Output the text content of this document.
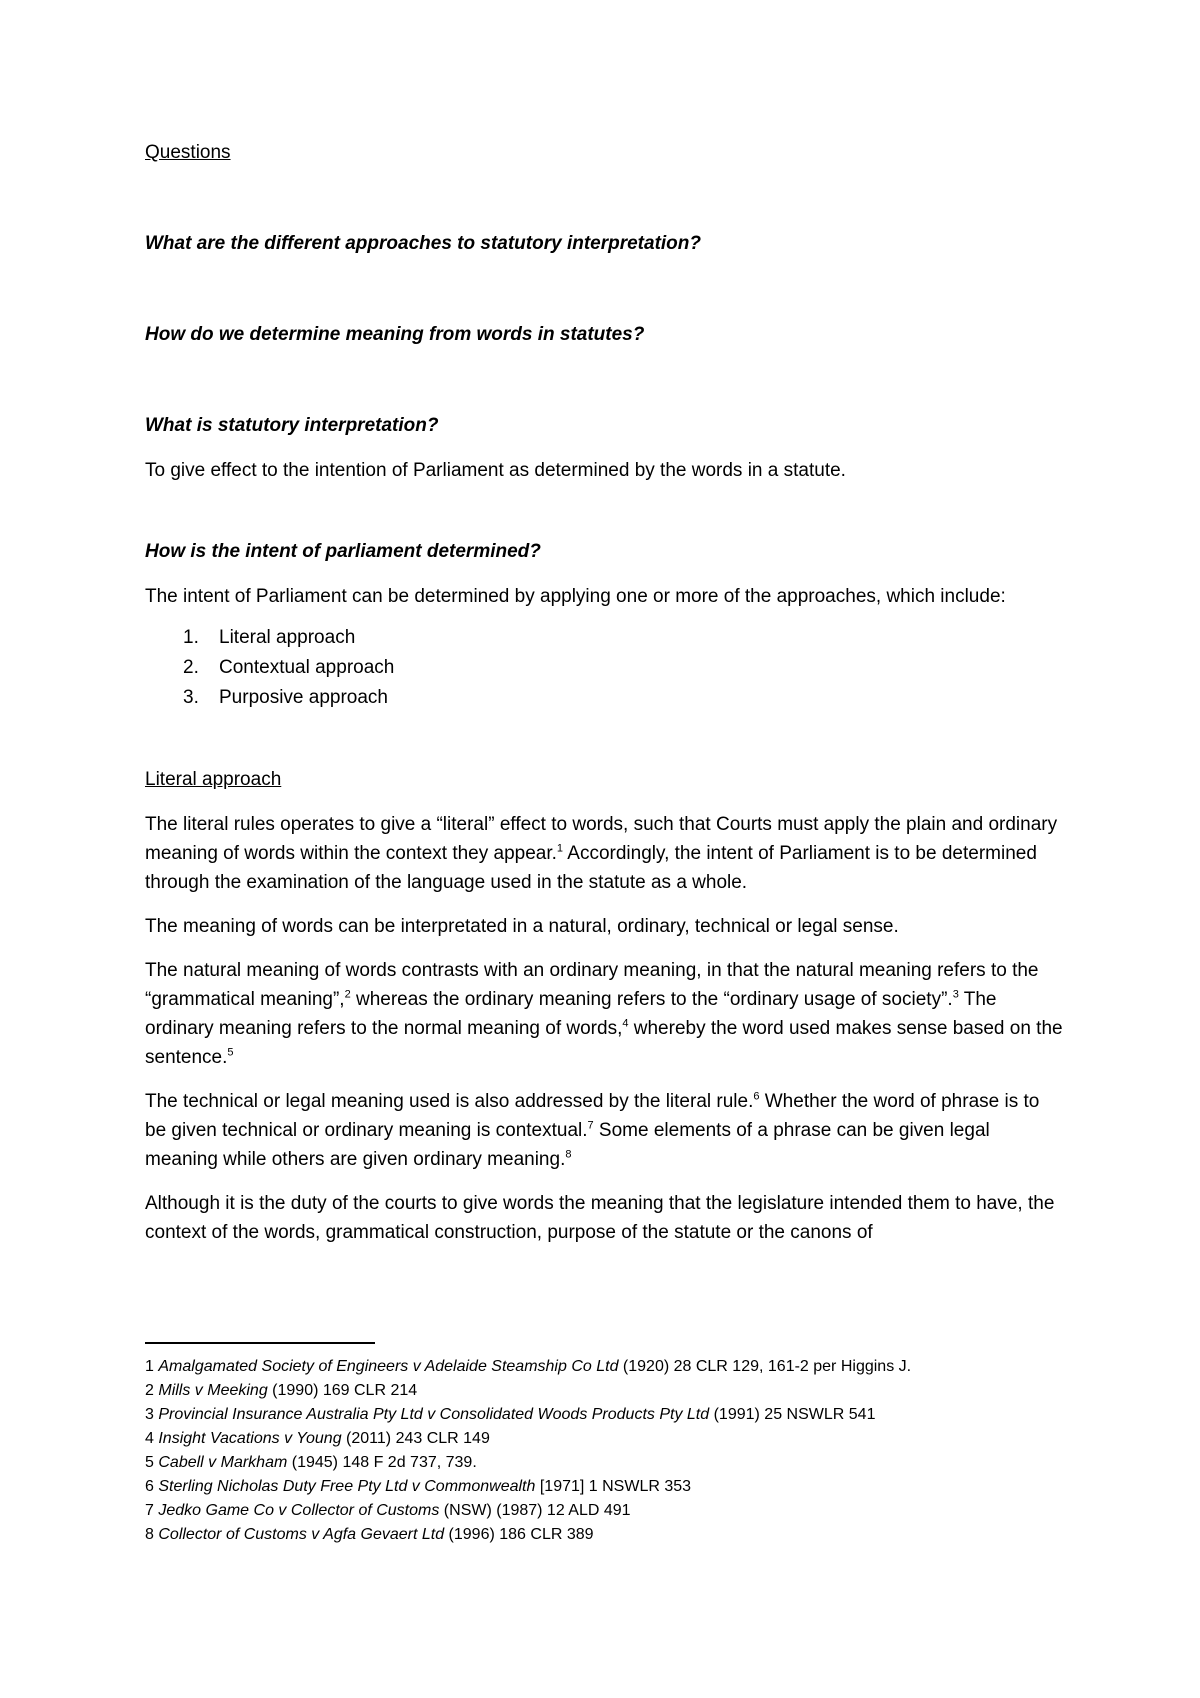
Questions

What are the different approaches to statutory interpretation?

How do we determine meaning from words in statutes?

What is statutory interpretation?

To give effect to the intention of Parliament as determined by the words in a statute.

How is the intent of parliament determined?

The intent of Parliament can be determined by applying one or more of the approaches, which include:

1.	Literal approach
2.	Contextual approach
3.	Purposive approach

Literal approach

The literal rules operates to give a “literal” effect to words, such that Courts must apply the plain and ordinary meaning of words within the context they appear.$^1$ Accordingly, the intent of Parliament is to be determined through the examination of the language used in the statute as a whole.

The meaning of words can be interpretated in a natural, ordinary, technical or legal sense.

The natural meaning of words contrasts with an ordinary meaning, in that the natural meaning refers to the “grammatical meaning”,$^2$ whereas the ordinary meaning refers to the “ordinary usage of society”.$^3$ The ordinary meaning refers to the normal meaning of words,$^4$ whereby the word used makes sense based on the sentence.$^5$

The technical or legal meaning used is also addressed by the literal rule.$^6$ Whether the word of phrase is to be given technical or ordinary meaning is contextual.$^7$ Some elements of a phrase can be given legal meaning while others are given ordinary meaning.$^8$

Although it is the duty of the courts to give words the meaning that the legislature intended them to have, the context of the words, grammatical construction, purpose of the statute or the canons of

1 Amalgamated Society of Engineers v Adelaide Steamship Co Ltd (1920) 28 CLR 129, 161-2 per Higgins J.

2 Mills v Meeking (1990) 169 CLR 214

3 Provincial Insurance Australia Pty Ltd v Consolidated Woods Products Pty Ltd (1991) 25 NSWLR 541

4 Insight Vacations v Young (2011) 243 CLR 149

5 Cabell v Markham (1945) 148 F 2d 737, 739.

6 Sterling Nicholas Duty Free Pty Ltd v Commonwealth [1971] 1 NSWLR 353

7 Jedko Game Co v Collector of Customs (NSW) (1987) 12 ALD 491

8 Collector of Customs v Agfa Gevaert Ltd (1996) 186 CLR 389
